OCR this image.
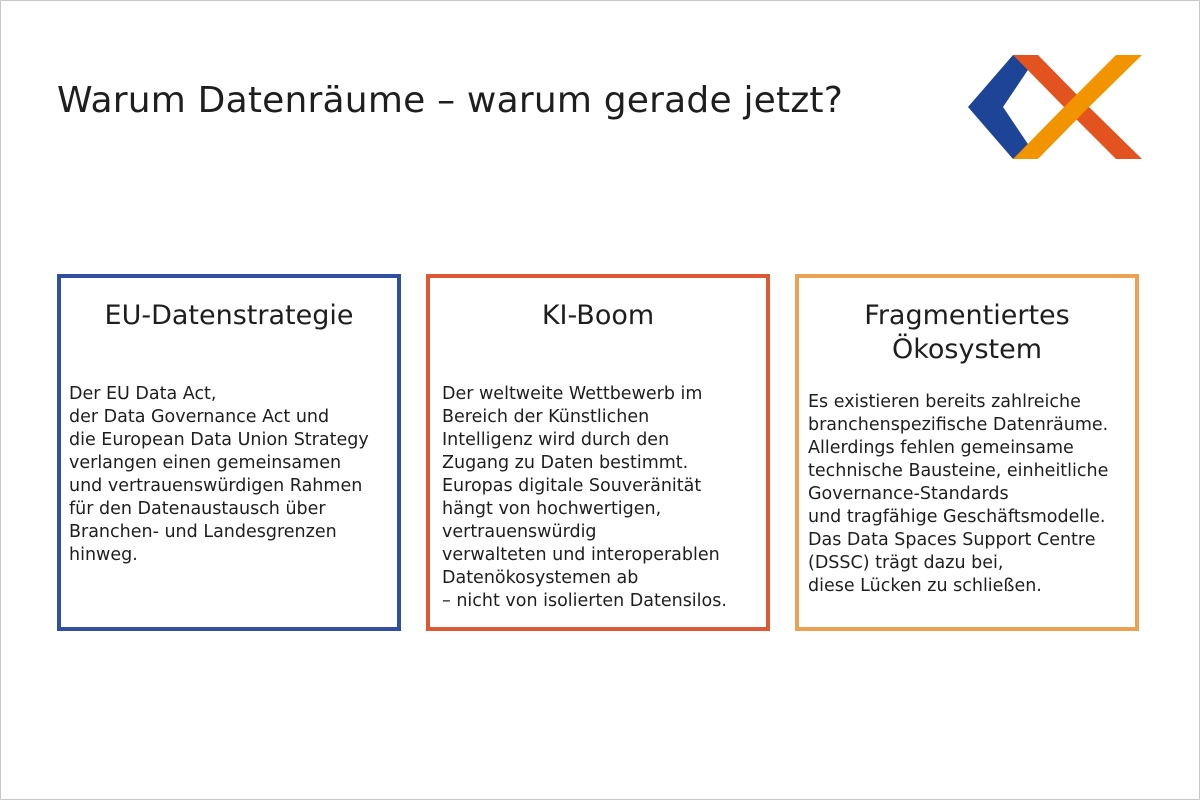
Warum Datenräume – warum gerade jetzt?
EU-Datenstrategie

Der EU Data Act,
der Data Governance Act und
die European Data Union Strategy
verlangen einen gemeinsamen
und vertrauenswürdigen Rahmen
für den Datenaustausch über
Branchen- und Landesgrenzen
hinweg.

KI-Boom

Der weltweite Wettbewerb im
Bereich der Künstlichen
Intelligenz wird durch den
Zugang zu Daten bestimmt.
Europas digitale Souveränität
hängt von hochwertigen,
vertrauenswürdig
verwalteten und interoperablen
Datenökosystemen ab
– nicht von isolierten Datensilos.

Fragmentiertes
Ökosystem

Es existieren bereits zahlreiche
branchenspezifische Datenräume.
Allerdings fehlen gemeinsame
technische Bausteine, einheitliche
Governance-Standards
und tragfähige Geschäftsmodelle.
Das Data Spaces Support Centre
(DSSC) trägt dazu bei,
diese Lücken zu schließen.
